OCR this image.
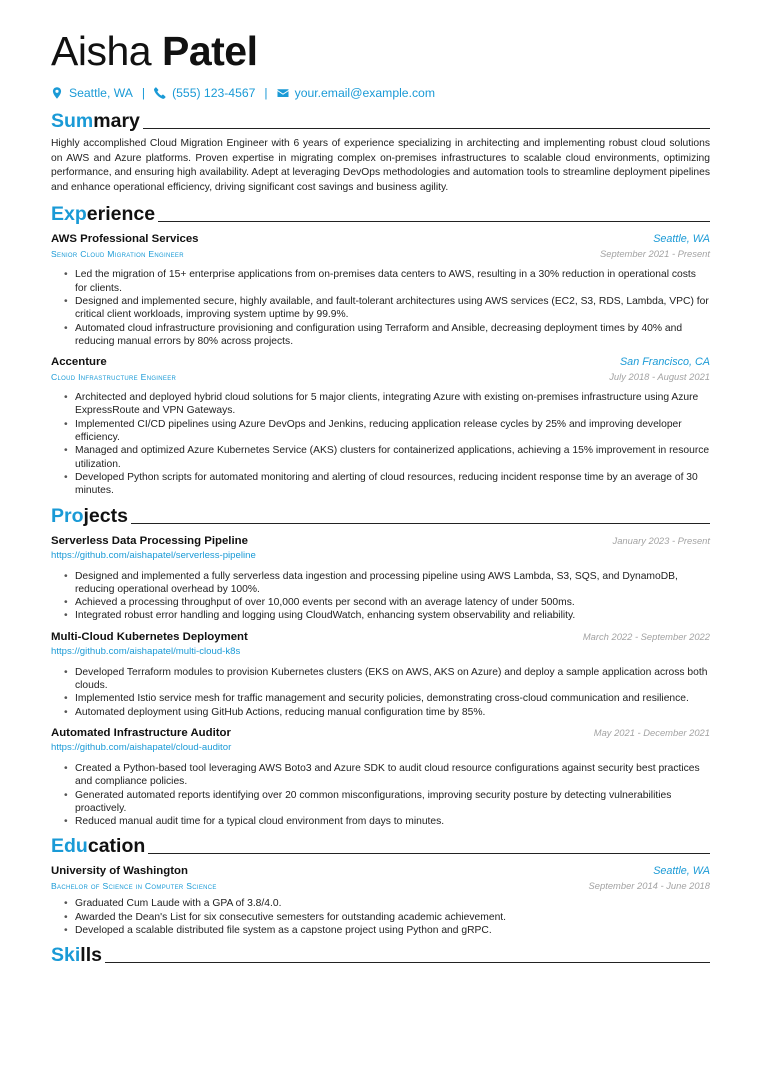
Aisha Patel
Seattle, WA | (555) 123-4567 | your.email@example.com
Summary
Highly accomplished Cloud Migration Engineer with 6 years of experience specializing in architecting and implementing robust cloud solutions on AWS and Azure platforms. Proven expertise in migrating complex on-premises infrastructures to scalable cloud environments, optimizing performance, and ensuring high availability. Adept at leveraging DevOps methodologies and automation tools to streamline deployment pipelines and enhance operational efficiency, driving significant cost savings and business agility.
Experience
AWS Professional Services	Seattle, WA
Senior Cloud Migration Engineer	September 2021 - Present
• Led the migration of 15+ enterprise applications from on-premises data centers to AWS, resulting in a 30% reduction in operational costs for clients.
• Designed and implemented secure, highly available, and fault-tolerant architectures using AWS services (EC2, S3, RDS, Lambda, VPC) for critical client workloads, improving system uptime by 99.9%.
• Automated cloud infrastructure provisioning and configuration using Terraform and Ansible, decreasing deployment times by 40% and reducing manual errors by 80% across projects.
Accenture	San Francisco, CA
Cloud Infrastructure Engineer	July 2018 - August 2021
• Architected and deployed hybrid cloud solutions for 5 major clients, integrating Azure with existing on-premises infrastructure using Azure ExpressRoute and VPN Gateways.
• Implemented CI/CD pipelines using Azure DevOps and Jenkins, reducing application release cycles by 25% and improving developer efficiency.
• Managed and optimized Azure Kubernetes Service (AKS) clusters for containerized applications, achieving a 15% improvement in resource utilization.
• Developed Python scripts for automated monitoring and alerting of cloud resources, reducing incident response time by an average of 30 minutes.
Projects
Serverless Data Processing Pipeline	January 2023 - Present
https://github.com/aishapatel/serverless-pipeline
• Designed and implemented a fully serverless data ingestion and processing pipeline using AWS Lambda, S3, SQS, and DynamoDB, reducing operational overhead by 100%.
• Achieved a processing throughput of over 10,000 events per second with an average latency of under 500ms.
• Integrated robust error handling and logging using CloudWatch, enhancing system observability and reliability.
Multi-Cloud Kubernetes Deployment	March 2022 - September 2022
https://github.com/aishapatel/multi-cloud-k8s
• Developed Terraform modules to provision Kubernetes clusters (EKS on AWS, AKS on Azure) and deploy a sample application across both clouds.
• Implemented Istio service mesh for traffic management and security policies, demonstrating cross-cloud communication and resilience.
• Automated deployment using GitHub Actions, reducing manual configuration time by 85%.
Automated Infrastructure Auditor	May 2021 - December 2021
https://github.com/aishapatel/cloud-auditor
• Created a Python-based tool leveraging AWS Boto3 and Azure SDK to audit cloud resource configurations against security best practices and compliance policies.
• Generated automated reports identifying over 20 common misconfigurations, improving security posture by detecting vulnerabilities proactively.
• Reduced manual audit time for a typical cloud environment from days to minutes.
Education
University of Washington	Seattle, WA
Bachelor of Science in Computer Science	September 2014 - June 2018
• Graduated Cum Laude with a GPA of 3.8/4.0.
• Awarded the Dean's List for six consecutive semesters for outstanding academic achievement.
• Developed a scalable distributed file system as a capstone project using Python and gRPC.
Skills
